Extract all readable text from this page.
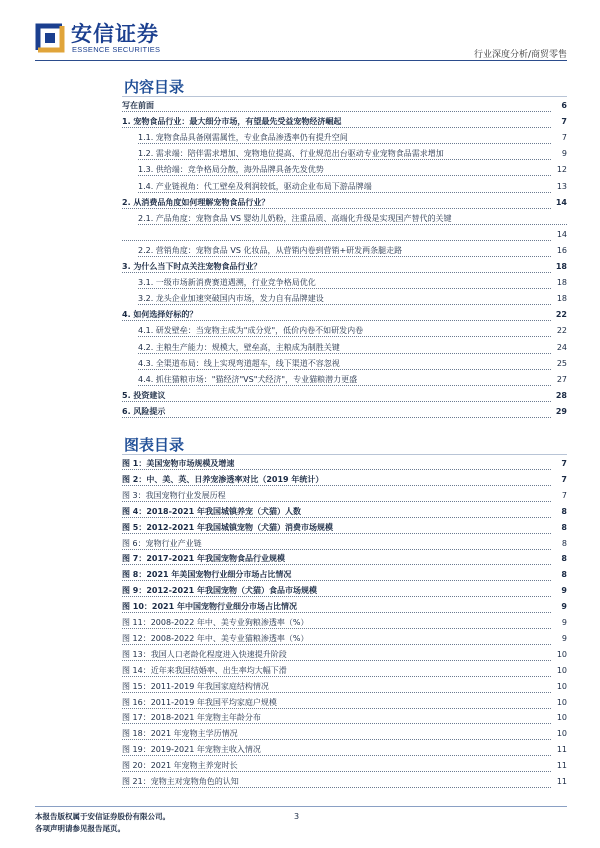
安信证券
ESSENCE SECURITIES
行业深度分析/商贸零售
内容目录
写在前面	6
1. 宠物食品行业：最大细分市场，有望最先受益宠物经济崛起	7
1.1. 宠物食品具备刚需属性，专业食品渗透率仍有提升空间	7
1.2. 需求端：陪伴需求增加、宠物地位提高、行业规范出台驱动专业宠物食品需求增加	9
1.3. 供给端：竞争格局分散，海外品牌具备先发优势	12
1.4. 产业链视角：代工壁垒及利润较低，驱动企业布局下游品牌端	13
2. 从消费品角度如何理解宠物食品行业？	14
2.1. 产品角度：宠物食品 VS 婴幼儿奶粉，注重品质、高端化升级是实现国产替代的关键
14
2.2. 营销角度：宠物食品 VS 化妆品，从营销内卷到营销+研发两条腿走路	16
3. 为什么当下时点关注宠物食品行业？	18
3.1. 一级市场新消费赛道遇溯，行业竞争格局优化	18
3.2. 龙头企业加速突破国内市场，发力自有品牌建设	18
4. 如何选择好标的？	22
4.1. 研发壁垒：当宠物主成为"成分党"，低价内卷不如研发内卷	22
4.2. 主粮生产能力：规模大，壁垒高，主粮成为制胜关键	24
4.3. 全渠道布局：线上实现弯道超车，线下渠道不容忽视	25
4.4. 抓住猫粮市场："猫经济"VS"犬经济"，专业猫粮潜力更盛	27
5. 投资建议	28
6. 风险提示	29
图表目录
图 1：美国宠物市场规模及增速	7
图 2：中、美、英、日养宠渗透率对比（2019 年统计）	7
图 3：我国宠物行业发展历程	7
图 4：2018-2021 年我国城镇养宠（犬猫）人数	8
图 5：2012-2021 年我国城镇宠物（犬猫）消费市场规模	8
图 6：宠物行业产业链	8
图 7：2017-2021 年我国宠物食品行业规模	8
图 8：2021 年美国宠物行业细分市场占比情况	8
图 9：2012-2021 年我国宠物（犬猫）食品市场规模	9
图 10：2021 年中国宠物行业细分市场占比情况	9
图 11：2008-2022 年中、美专业狗粮渗透率（%）	9
图 12：2008-2022 年中、美专业猫粮渗透率（%）	9
图 13：我国人口老龄化程度进入快速提升阶段	10
图 14：近年来我国结婚率、出生率均大幅下滑	10
图 15：2011-2019 年我国家庭结构情况	10
图 16：2011-2019 年我国平均家庭户规模	10
图 17：2018-2021 年宠物主年龄分布	10
图 18：2021 年宠物主学历情况	10
图 19：2019-2021 年宠物主收入情况	11
图 20：2021 年宠物主养宠时长	11
图 21：宠物主对宠物角色的认知	11
本报告版权属于安信证券股份有限公司。
各项声明请参见报告尾页。
3
